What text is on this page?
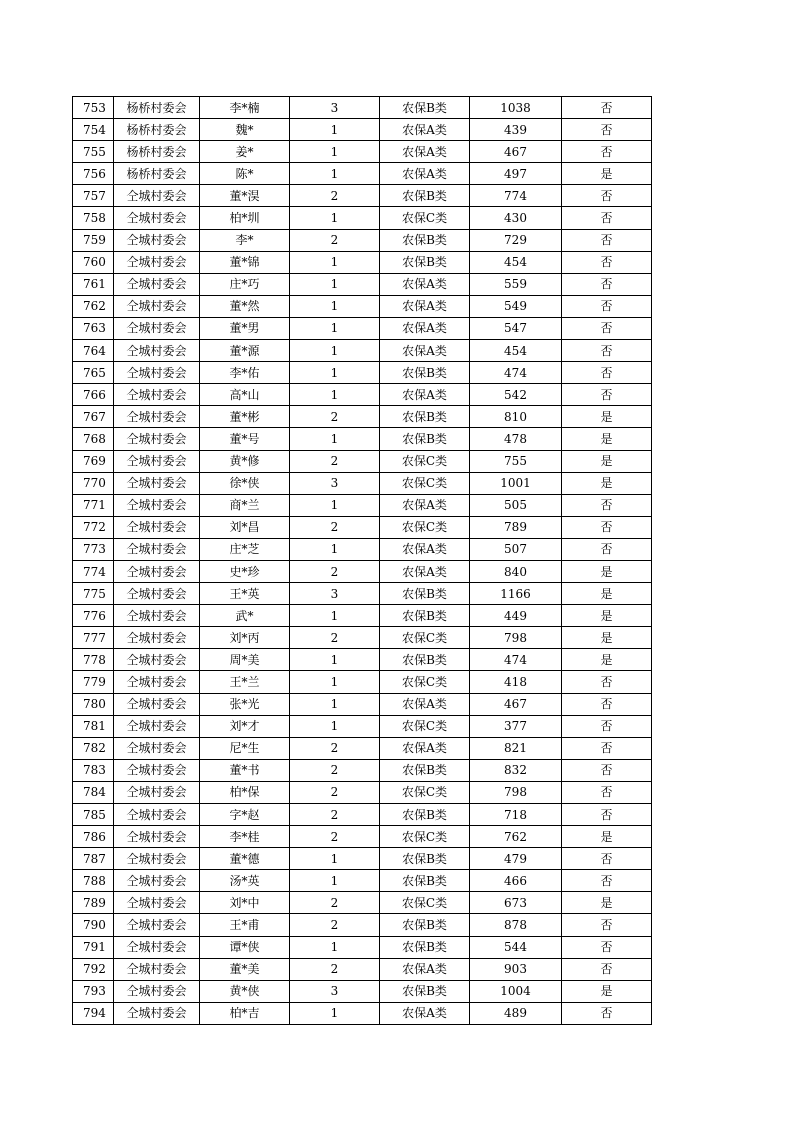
753	杨桥村委会	李*楠	3	农保B类	1038	否
754	杨桥村委会	魏*	1	农保A类	439	否
755	杨桥村委会	姜*	1	农保A类	467	否
756	杨桥村委会	陈*	1	农保A类	497	是
757	仝城村委会	董*淏	2	农保B类	774	否
758	仝城村委会	柏*圳	1	农保C类	430	否
759	仝城村委会	李*	2	农保B类	729	否
760	仝城村委会	董*锦	1	农保B类	454	否
761	仝城村委会	庄*巧	1	农保A类	559	否
762	仝城村委会	董*然	1	农保A类	549	否
763	仝城村委会	董*男	1	农保A类	547	否
764	仝城村委会	董*源	1	农保A类	454	否
765	仝城村委会	李*佑	1	农保B类	474	否
766	仝城村委会	高*山	1	农保A类	542	否
767	仝城村委会	董*彬	2	农保B类	810	是
768	仝城村委会	董*号	1	农保B类	478	是
769	仝城村委会	黄*修	2	农保C类	755	是
770	仝城村委会	徐*侠	3	农保C类	1001	是
771	仝城村委会	商*兰	1	农保A类	505	否
772	仝城村委会	刘*昌	2	农保C类	789	否
773	仝城村委会	庄*芝	1	农保A类	507	否
774	仝城村委会	史*珍	2	农保A类	840	是
775	仝城村委会	王*英	3	农保B类	1166	是
776	仝城村委会	武*	1	农保B类	449	是
777	仝城村委会	刘*丙	2	农保C类	798	是
778	仝城村委会	周*美	1	农保B类	474	是
779	仝城村委会	王*兰	1	农保C类	418	否
780	仝城村委会	张*光	1	农保A类	467	否
781	仝城村委会	刘*才	1	农保C类	377	否
782	仝城村委会	尼*生	2	农保A类	821	否
783	仝城村委会	董*书	2	农保B类	832	否
784	仝城村委会	柏*保	2	农保C类	798	否
785	仝城村委会	字*赵	2	农保B类	718	否
786	仝城村委会	李*桂	2	农保C类	762	是
787	仝城村委会	董*德	1	农保B类	479	否
788	仝城村委会	汤*英	1	农保B类	466	否
789	仝城村委会	刘*中	2	农保C类	673	是
790	仝城村委会	王*甫	2	农保B类	878	否
791	仝城村委会	谭*侠	1	农保B类	544	否
792	仝城村委会	董*美	2	农保A类	903	否
793	仝城村委会	黄*侠	3	农保B类	1004	是
794	仝城村委会	柏*吉	1	农保A类	489	否
